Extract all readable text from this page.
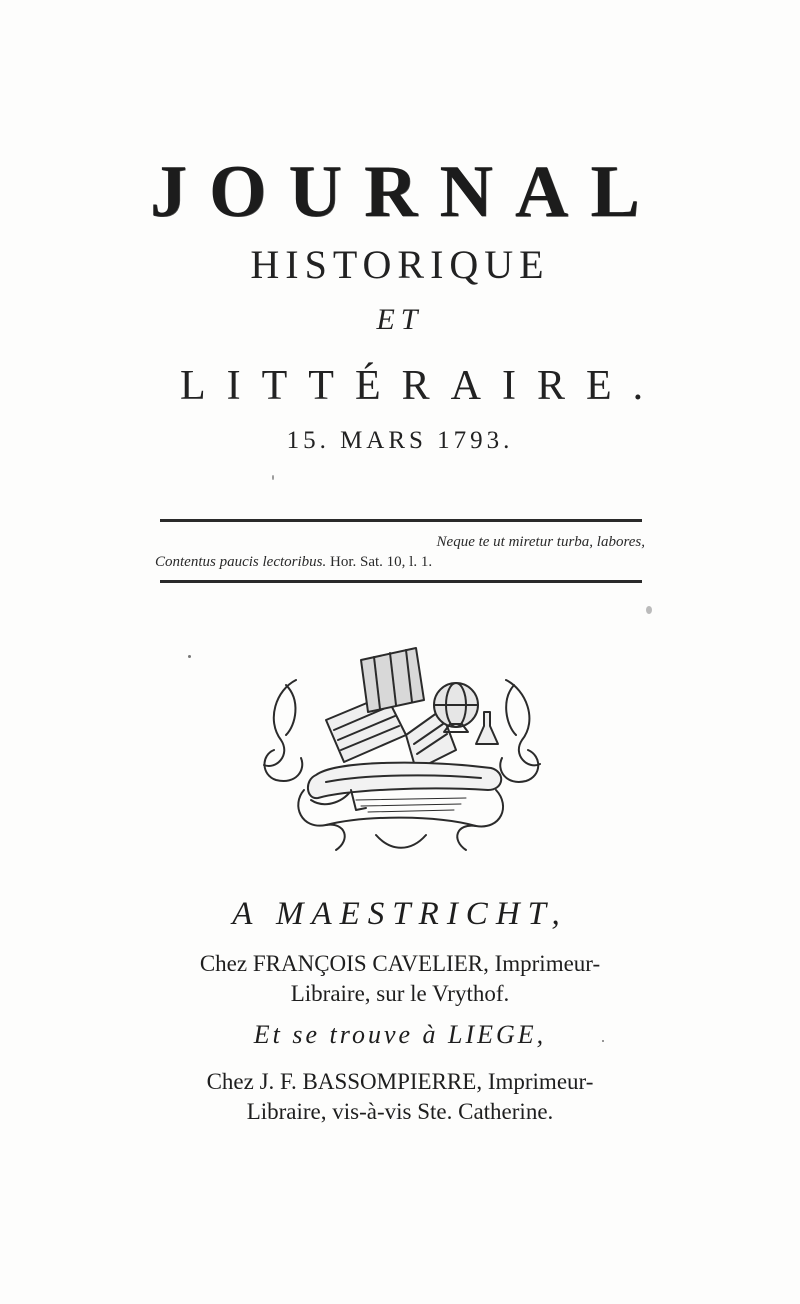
JOURNAL
HISTORIQUE
ET
LITTÉRAIRE.
15. MARS 1793.
Neque te ut miretur turba, labores,
Contentus paucis lectoribus. Hor. Sat. 10, l. 1.
A MAESTRICHT,
Chez FRANÇOIS CAVELIER, Imprimeur-
Libraire, sur le Vrythof.
Et se trouve à LIEGE,
Chez J. F. BASSOMPIERRE, Imprimeur-
Libraire, vis-à-vis Ste. Catherine.
